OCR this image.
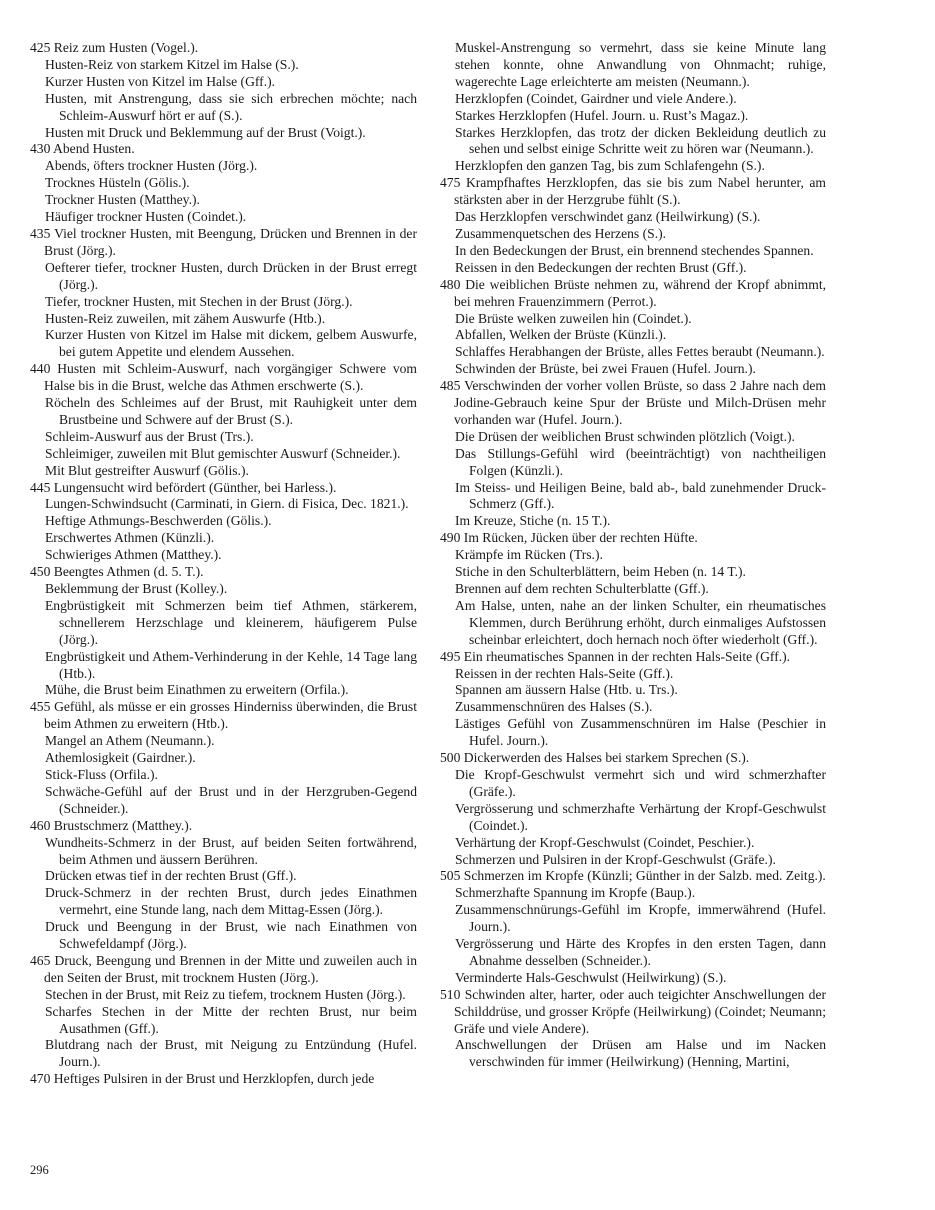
425 Reiz zum Husten (Vogel.).

Husten-Reiz von starkem Kitzel im Halse (S.).

Kurzer Husten von Kitzel im Halse (Gff.).

Husten, mit Anstrengung, dass sie sich erbrechen möchte; nach Schleim-Auswurf hört er auf (S.).

Husten mit Druck und Beklemmung auf der Brust (Voigt.).

430 Abend Husten.

Abends, öfters trockner Husten (Jörg.).

Trocknes Hüsteln (Gölis.).

Trockner Husten (Matthey.).

Häufiger trockner Husten (Coindet.).

435 Viel trockner Husten, mit Beengung, Drücken und Brennen in der Brust (Jörg.).

Oefterer tiefer, trockner Husten, durch Drücken in der Brust erregt (Jörg.).

Tiefer, trockner Husten, mit Stechen in der Brust (Jörg.).

Husten-Reiz zuweilen, mit zähem Auswurfe (Htb.).

Kurzer Husten von Kitzel im Halse mit dickem, gelbem Auswurfe, bei gutem Appetite und elendem Aussehen.

440 Husten mit Schleim-Auswurf, nach vorgängiger Schwere vom Halse bis in die Brust, welche das Athmen erschwerte (S.).

Röcheln des Schleimes auf der Brust, mit Rauhigkeit unter dem Brustbeine und Schwere auf der Brust (S.).

Schleim-Auswurf aus der Brust (Trs.).

Schleimiger, zuweilen mit Blut gemischter Auswurf (Schneider.).

Mit Blut gestreifter Auswurf (Gölis.).

445 Lungensucht wird befördert (Günther, bei Harless.).

Lungen-Schwindsucht (Carminati, in Giern. di Fisica, Dec. 1821.).

Heftige Athmungs-Beschwerden (Gölis.).

Erschwertes Athmen (Künzli.).

Schwieriges Athmen (Matthey.).

450 Beengtes Athmen (d. 5. T.).

Beklemmung der Brust (Kolley.).

Engbrüstigkeit mit Schmerzen beim tief Athmen, stärkerem, schnellerem Herzschlage und kleinerem, häufigerem Pulse (Jörg.).

Engbrüstigkeit und Athem-Verhinderung in der Kehle, 14 Tage lang (Htb.).

Mühe, die Brust beim Einathmen zu erweitern (Orfila.).

455 Gefühl, als müsse er ein grosses Hinderniss überwinden, die Brust beim Athmen zu erweitern (Htb.).

Mangel an Athem (Neumann.).

Athemlosigkeit (Gairdner.).

Stick-Fluss (Orfila.).

Schwäche-Gefühl auf der Brust und in der Herzgruben-Gegend (Schneider.).

460 Brustschmerz (Matthey.).

Wundheits-Schmerz in der Brust, auf beiden Seiten fortwährend, beim Athmen und äussern Berühren.

Drücken etwas tief in der rechten Brust (Gff.).

Druck-Schmerz in der rechten Brust, durch jedes Einathmen vermehrt, eine Stunde lang, nach dem Mittag-Essen (Jörg.).

Druck und Beengung in der Brust, wie nach Einathmen von Schwefeldampf (Jörg.).

465 Druck, Beengung und Brennen in der Mitte und zuweilen auch in den Seiten der Brust, mit trocknem Husten (Jörg.).

Stechen in der Brust, mit Reiz zu tiefem, trocknem Husten (Jörg.).

Scharfes Stechen in der Mitte der rechten Brust, nur beim Ausathmen (Gff.).

Blutdrang nach der Brust, mit Neigung zu Entzündung (Hufel. Journ.).

470 Heftiges Pulsiren in der Brust und Herzklopfen, durch jede

Muskel-Anstrengung so vermehrt, dass sie keine Minute lang stehen konnte, ohne Anwandlung von Ohnmacht; ruhige, wagerechte Lage erleichterte am meisten (Neumann.).

Herzklopfen (Coindet, Gairdner und viele Andere.).

Starkes Herzklopfen (Hufel. Journ. u. Rust’s Magaz.).

Starkes Herzklopfen, das trotz der dicken Bekleidung deutlich zu sehen und selbst einige Schritte weit zu hören war (Neumann.).

Herzklopfen den ganzen Tag, bis zum Schlafengehn (S.).

475 Krampfhaftes Herzklopfen, das sie bis zum Nabel herunter, am stärksten aber in der Herzgrube fühlt (S.).

Das Herzklopfen verschwindet ganz (Heilwirkung) (S.).

Zusammenquetschen des Herzens (S.).

In den Bedeckungen der Brust, ein brennend stechendes Spannen.

Reissen in den Bedeckungen der rechten Brust (Gff.).

480 Die weiblichen Brüste nehmen zu, während der Kropf abnimmt, bei mehren Frauenzimmern (Perrot.).

Die Brüste welken zuweilen hin (Coindet.).

Abfallen, Welken der Brüste (Künzli.).

Schlaffes Herabhangen der Brüste, alles Fettes beraubt (Neumann.).

Schwinden der Brüste, bei zwei Frauen (Hufel. Journ.).

485 Verschwinden der vorher vollen Brüste, so dass 2 Jahre nach dem Jodine-Gebrauch keine Spur der Brüste und Milch-Drüsen mehr vorhanden war (Hufel. Journ.).

Die Drüsen der weiblichen Brust schwinden plötzlich (Voigt.).

Das Stillungs-Gefühl wird (beeinträchtigt) von nachtheiligen Folgen (Künzli.).

Im Steiss- und Heiligen Beine, bald ab-, bald zunehmender Druck-Schmerz (Gff.).

Im Kreuze, Stiche (n. 15 T.).

490 Im Rücken, Jücken über der rechten Hüfte.

Krämpfe im Rücken (Trs.).

Stiche in den Schulterblättern, beim Heben (n. 14 T.).

Brennen auf dem rechten Schulterblatte (Gff.).

Am Halse, unten, nahe an der linken Schulter, ein rheumatisches Klemmen, durch Berührung erhöht, durch einmaliges Aufstossen scheinbar erleichtert, doch hernach noch öfter wiederholt (Gff.).

495 Ein rheumatisches Spannen in der rechten Hals-Seite (Gff.).

Reissen in der rechten Hals-Seite (Gff.).

Spannen am äussern Halse (Htb. u. Trs.).

Zusammenschnüren des Halses (S.).

Lästiges Gefühl von Zusammenschnüren im Halse (Peschier in Hufel. Journ.).

500 Dickerwerden des Halses bei starkem Sprechen (S.).

Die Kropf-Geschwulst vermehrt sich und wird schmerzhafter (Gräfe.).

Vergrösserung und schmerzhafte Verhärtung der Kropf-Geschwulst (Coindet.).

Verhärtung der Kropf-Geschwulst (Coindet, Peschier.).

Schmerzen und Pulsiren in der Kropf-Geschwulst (Gräfe.).

505 Schmerzen im Kropfe (Künzli; Günther in der Salzb. med. Zeitg.).

Schmerzhafte Spannung im Kropfe (Baup.).

Zusammenschnürungs-Gefühl im Kropfe, immerwährend (Hufel. Journ.).

Vergrösserung und Härte des Kropfes in den ersten Tagen, dann Abnahme desselben (Schneider.).

Verminderte Hals-Geschwulst (Heilwirkung) (S.).

510 Schwinden alter, harter, oder auch teigichter Anschwellungen der Schilddrüse, und grosser Kröpfe (Heilwirkung) (Coindet; Neumann; Gräfe und viele Andere).

Anschwellungen der Drüsen am Halse und im Nacken verschwinden für immer (Heilwirkung) (Henning, Martini,

296
